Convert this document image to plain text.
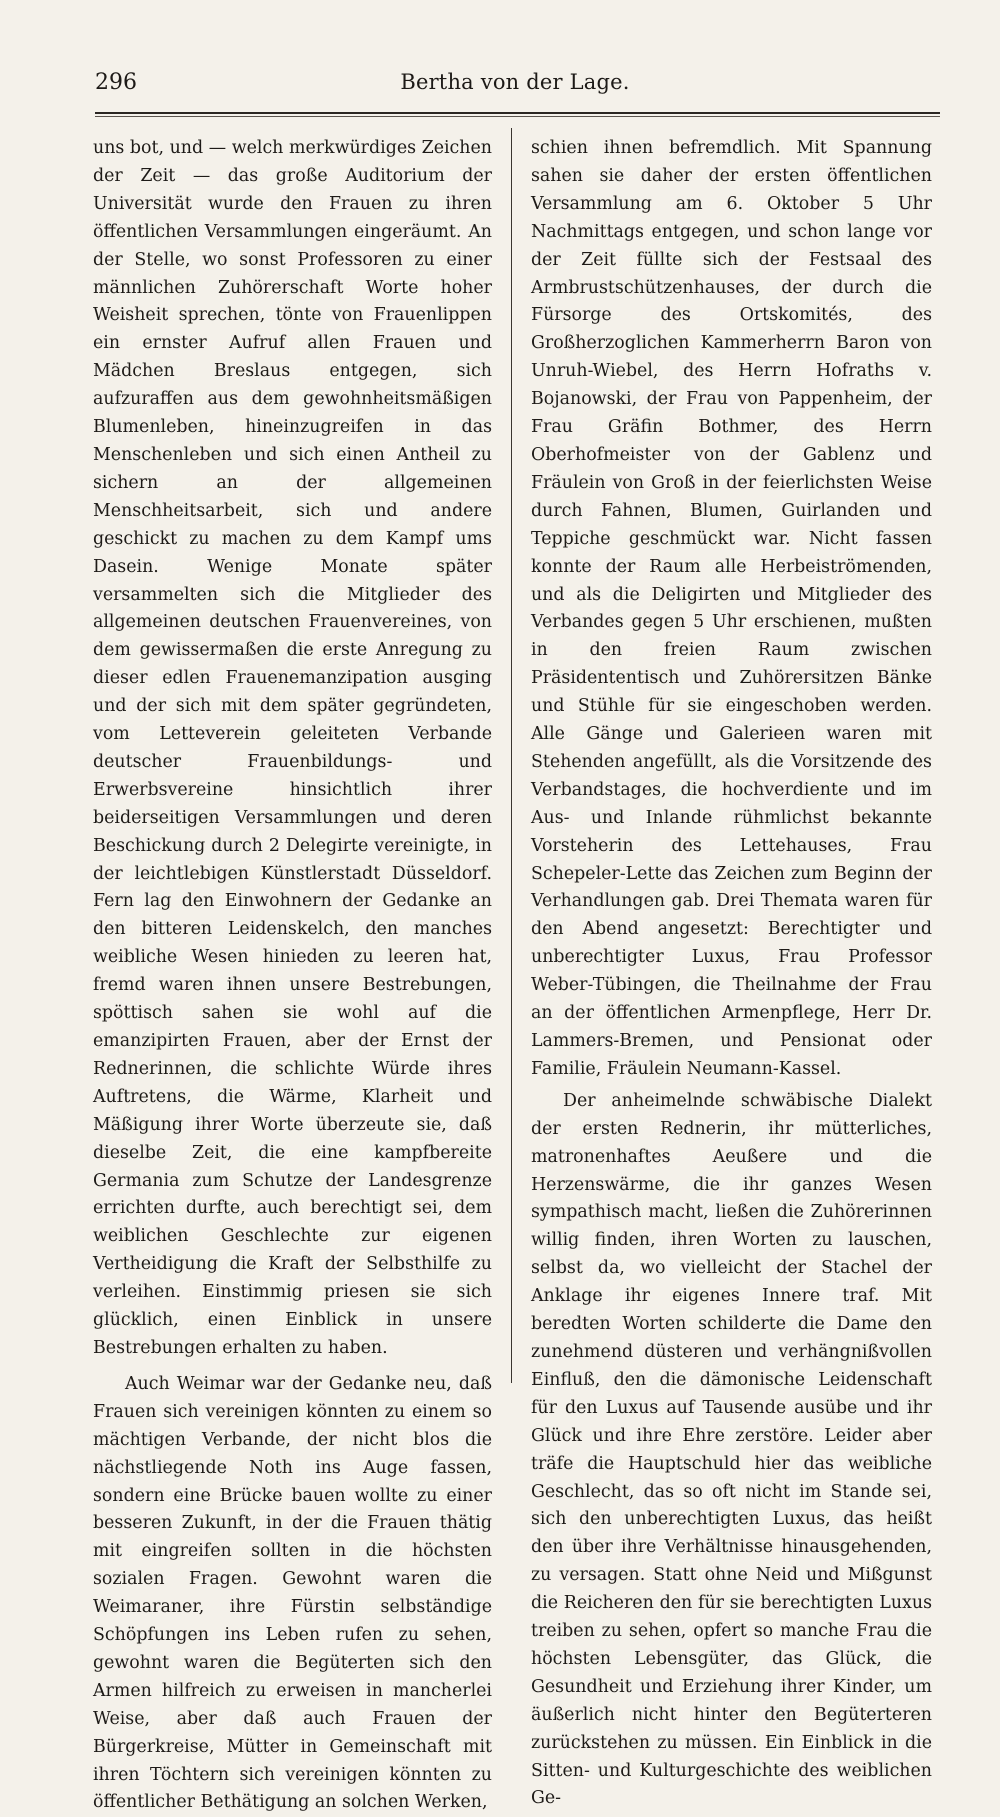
296	Bertha von der Lage.

uns bot, und — welch merkwürdiges Zeichen der Zeit — das große Auditorium der Universität wurde den Frauen zu ihren öffentlichen Versammlungen eingeräumt. An der Stelle, wo sonst Professoren zu einer männlichen Zuhörerschaft Worte hoher Weisheit sprechen, tönte von Frauenlippen ein ernster Aufruf allen Frauen und Mädchen Breslaus entgegen, sich aufzuraffen aus dem gewohnheitsmäßigen Blumenleben, hineinzugreifen in das Menschenleben und sich einen Antheil zu sichern an der allgemeinen Menschheitsarbeit, sich und andere geschickt zu machen zu dem Kampf ums Dasein. Wenige Monate später versammelten sich die Mitglieder des allgemeinen deutschen Frauenvereines, von dem gewissermaßen die erste Anregung zu dieser edlen Frauenemanzipation ausging und der sich mit dem später gegründeten, vom Letteverein geleiteten Verbande deutscher Frauenbildungs- und Erwerbsvereine hinsichtlich ihrer beiderseitigen Versammlungen und deren Beschickung durch 2 Delegirte vereinigte, in der leichtlebigen Künstlerstadt Düsseldorf. Fern lag den Einwohnern der Gedanke an den bitteren Leidenskelch, den manches weibliche Wesen hinieden zu leeren hat, fremd waren ihnen unsere Bestrebungen, spöttisch sahen sie wohl auf die emanzipirten Frauen, aber der Ernst der Rednerinnen, die schlichte Würde ihres Auftretens, die Wärme, Klarheit und Mäßigung ihrer Worte überzeute sie, daß dieselbe Zeit, die eine kampfbereite Germania zum Schutze der Landesgrenze errichten durfte, auch berechtigt sei, dem weiblichen Geschlechte zur eigenen Vertheidigung die Kraft der Selbsthilfe zu verleihen. Einstimmig priesen sie sich glücklich, einen Einblick in unsere Bestrebungen erhalten zu haben.

Auch Weimar war der Gedanke neu, daß Frauen sich vereinigen könnten zu einem so mächtigen Verbande, der nicht blos die nächstliegende Noth ins Auge fassen, sondern eine Brücke bauen wollte zu einer besseren Zukunft, in der die Frauen thätig mit eingreifen sollten in die höchsten sozialen Fragen. Gewohnt waren die Weimaraner, ihre Fürstin selbständige Schöpfungen ins Leben rufen zu sehen, gewohnt waren die Begüterten sich den Armen hilfreich zu erweisen in mancherlei Weise, aber daß auch Frauen der Bürgerkreise, Mütter in Gemeinschaft mit ihren Töchtern sich vereinigen könnten zu öffentlicher Bethätigung an solchen Werken,

schien ihnen befremdlich. Mit Spannung sahen sie daher der ersten öffentlichen Versammlung am 6. Oktober 5 Uhr Nachmittags entgegen, und schon lange vor der Zeit füllte sich der Festsaal des Armbrustschützenhauses, der durch die Fürsorge des Ortskomités, des Großherzoglichen Kammerherrn Baron von Unruh-Wiebel, des Herrn Hofraths v. Bojanowski, der Frau von Pappenheim, der Frau Gräfin Bothmer, des Herrn Oberhofmeister von der Gablenz und Fräulein von Groß in der feierlichsten Weise durch Fahnen, Blumen, Guirlanden und Teppiche geschmückt war. Nicht fassen konnte der Raum alle Herbeiströmenden, und als die Deligirten und Mitglieder des Verbandes gegen 5 Uhr erschienen, mußten in den freien Raum zwischen Präsidententisch und Zuhörersitzen Bänke und Stühle für sie eingeschoben werden. Alle Gänge und Galerieen waren mit Stehenden angefüllt, als die Vorsitzende des Verbandstages, die hochverdiente und im Aus- und Inlande rühmlichst bekannte Vorsteherin des Lettehauses, Frau Schepeler-Lette das Zeichen zum Beginn der Verhandlungen gab. Drei Themata waren für den Abend angesetzt: Berechtigter und unberechtigter Luxus, Frau Professor Weber-Tübingen, die Theilnahme der Frau an der öffentlichen Armenpflege, Herr Dr. Lammers-Bremen, und Pensionat oder Familie, Fräulein Neumann-Kassel.

Der anheimelnde schwäbische Dialekt der ersten Rednerin, ihr mütterliches, matronenhaftes Aeußere und die Herzenswärme, die ihr ganzes Wesen sympathisch macht, ließen die Zuhörerinnen willig finden, ihren Worten zu lauschen, selbst da, wo vielleicht der Stachel der Anklage ihr eigenes Innere traf. Mit beredten Worten schilderte die Dame den zunehmend düsteren und verhängnißvollen Einfluß, den die dämonische Leidenschaft für den Luxus auf Tausende ausübe und ihr Glück und ihre Ehre zerstöre. Leider aber träfe die Hauptschuld hier das weibliche Geschlecht, das so oft nicht im Stande sei, sich den unberechtigten Luxus, das heißt den über ihre Verhältnisse hinausgehenden, zu versagen. Statt ohne Neid und Mißgunst die Reicheren den für sie berechtigten Luxus treiben zu sehen, opfert so manche Frau die höchsten Lebensgüter, das Glück, die Gesundheit und Erziehung ihrer Kinder, um äußerlich nicht hinter den Begüterteren zurückstehen zu müssen. Ein Einblick in die Sitten- und Kulturgeschichte des weiblichen Ge-
